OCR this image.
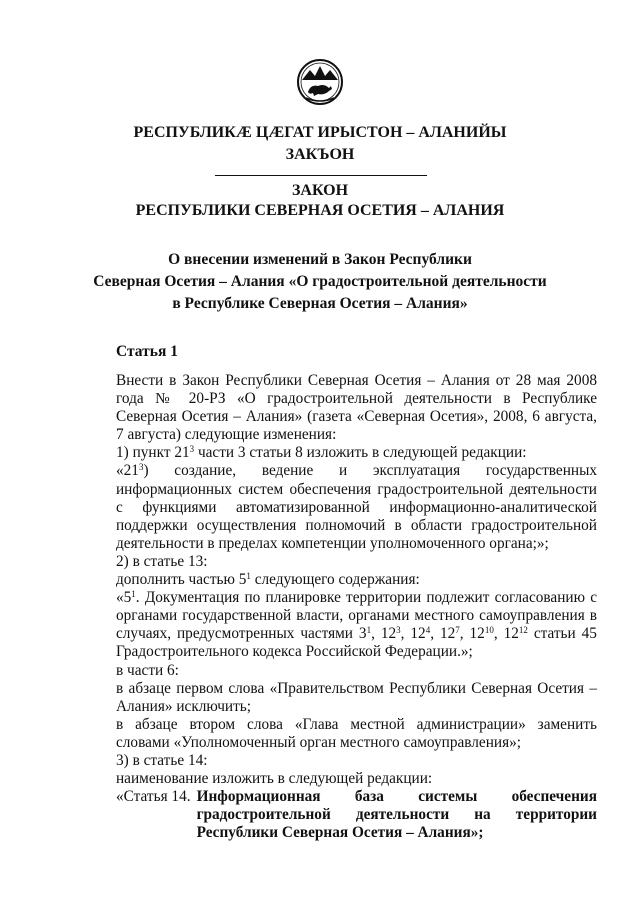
РЕСПУБЛИКÆ ЦÆГАТ ИРЫСТОН – АЛАНИЙЫ
ЗАКЪОН
ЗАКОН
РЕСПУБЛИКИ СЕВЕРНАЯ ОСЕТИЯ – АЛАНИЯ
О внесении изменений в Закон Республики
Северная Осетия – Алания «О градостроительной деятельности
в Республике Северная Осетия – Алания»
Статья 1

Внести в Закон Республики Северная Осетия – Алания от 28 мая 2008 года № 20-РЗ «О градостроительной деятельности в Республике Северная Осетия – Алания» (газета «Северная Осетия», 2008, 6 августа, 7 августа) следующие изменения:

1) пункт $21^3$ части 3 статьи 8 изложить в следующей редакции:

«$21^3$) создание, ведение и эксплуатация государственных информационных систем обеспечения градостроительной деятельности с функциями автоматизированной информационно-аналитической поддержки осуществления полномочий в области градостроительной деятельности в пределах компетенции уполномоченного органа;»;

2) в статье 13:

дополнить частью $5^1$ следующего содержания:

«$5^1$. Документация по планировке территории подлежит согласованию с органами государственной власти, органами местного самоуправления в случаях, предусмотренных частями $3^1$, $12^3$, $12^4$, $12^7$, $12^{10}$, $12^{12}$ статьи 45 Градостроительного кодекса Российской Федерации.»;

в части 6:

в абзаце первом слова «Правительством Республики Северная Осетия – Алания» исключить;

в абзаце втором слова «Глава местной администрации» заменить словами «Уполномоченный орган местного самоуправления»;

3) в статье 14:

наименование изложить в следующей редакции:

«Статья 14. Информационная база системы обеспечения градостроительной деятельности на территории Республики Северная Осетия – Алания»;
